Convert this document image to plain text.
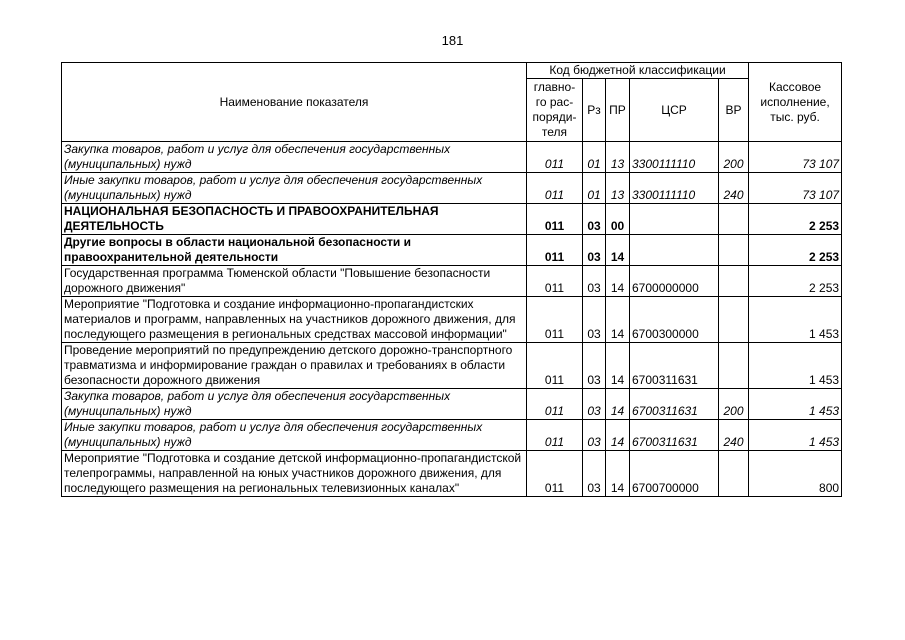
181
Наименование показателя	Код бюджетной классификации					Кассовое исполнение, тыс. руб.
	главно-го рас-поряди-теля	Рз	ПР	ЦСР	ВР	
Закупка товаров, работ и услуг для обеспечения государственных (муниципальных) нужд	011	01	13	3300111110	200	73 107
Иные закупки товаров, работ и услуг для обеспечения государственных (муниципальных) нужд	011	01	13	3300111110	240	73 107
НАЦИОНАЛЬНАЯ БЕЗОПАСНОСТЬ И ПРАВООХРАНИТЕЛЬНАЯ ДЕЯТЕЛЬНОСТЬ	011	03	00			2 253
Другие вопросы в области национальной безопасности и правоохранительной деятельности	011	03	14			2 253
Государственная программа Тюменской области "Повышение безопасности дорожного движения"	011	03	14	6700000000		2 253
Мероприятие "Подготовка и создание информационно-пропагандистских материалов и программ, направленных на участников дорожного движения, для последующего размещения в региональных средствах массовой информации"	011	03	14	6700300000		1 453
Проведение мероприятий по предупреждению детского дорожно-транспортного травматизма и информирование граждан о правилах и требованиях в области безопасности дорожного движения	011	03	14	6700311631		1 453
Закупка товаров, работ и услуг для обеспечения государственных (муниципальных) нужд	011	03	14	6700311631	200	1 453
Иные закупки товаров, работ и услуг для обеспечения государственных (муниципальных) нужд	011	03	14	6700311631	240	1 453
Мероприятие "Подготовка и создание детской информационно-пропагандистской телепрограммы, направленной на юных участников дорожного движения, для последующего размещения на региональных телевизионных каналах"	011	03	14	6700700000		800
